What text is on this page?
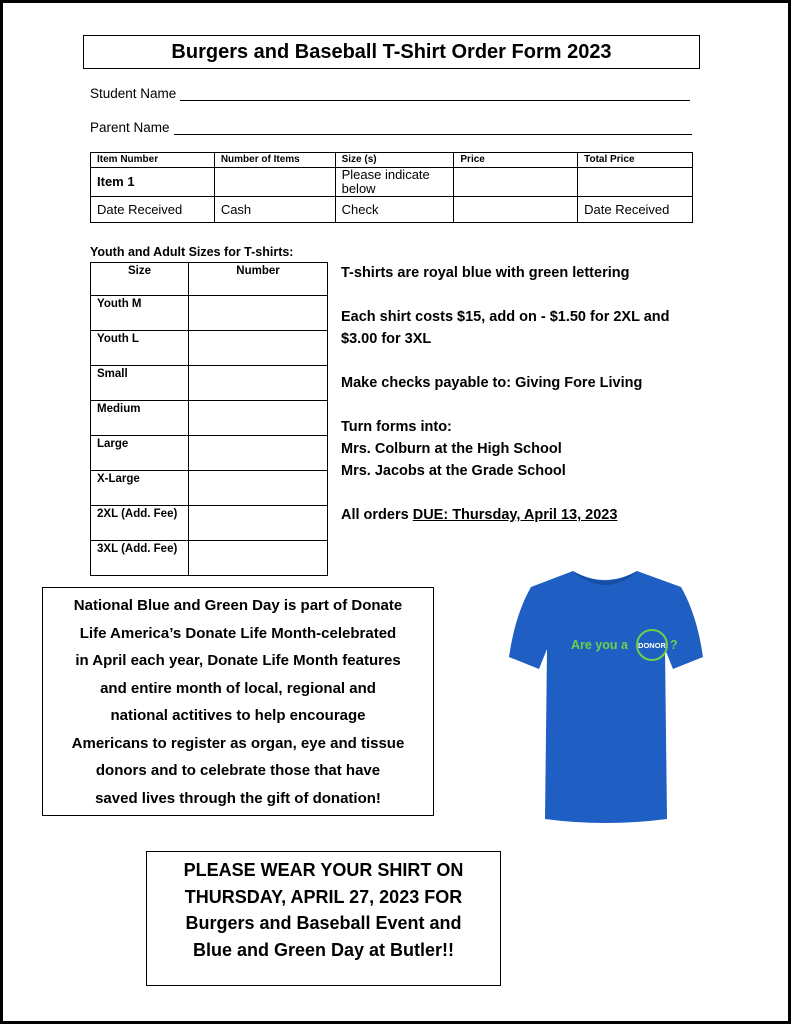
Burgers and Baseball T-Shirt Order Form 2023
Student Name
Parent Name
Item Number	Number of Items	Size (s)	Price	Total Price
Item 1		Please indicate below		
Date Received	Cash	Check		Date Received
Youth and Adult Sizes for T-shirts:
Size	Number
Youth M	
Youth L	
Small	
Medium	
Large	
X-Large	
2XL (Add. Fee)	
3XL (Add. Fee)	

T-shirts are royal blue with green lettering

Each shirt costs $15, add on - $1.50 for 2XL and

$3.00 for 3XL

Make checks payable to: Giving Fore Living

Turn forms into:

Mrs. Colburn at the High School

Mrs. Jacobs at the Grade School

All orders DUE: Thursday, April 13, 2023

National Blue and Green Day is part of Donate

Life America’s Donate Life Month-celebrated

in April each year, Donate Life Month features

and entire month of local, regional and

national actitives to help encourage

Americans to register as organ, eye and tissue

donors and to celebrate those that have

saved lives through the gift of donation!

Are you a DONOR ?

PLEASE WEAR YOUR SHIRT ON

THURSDAY, APRIL 27, 2023 FOR

Burgers and Baseball Event and

Blue and Green Day at Butler!!
